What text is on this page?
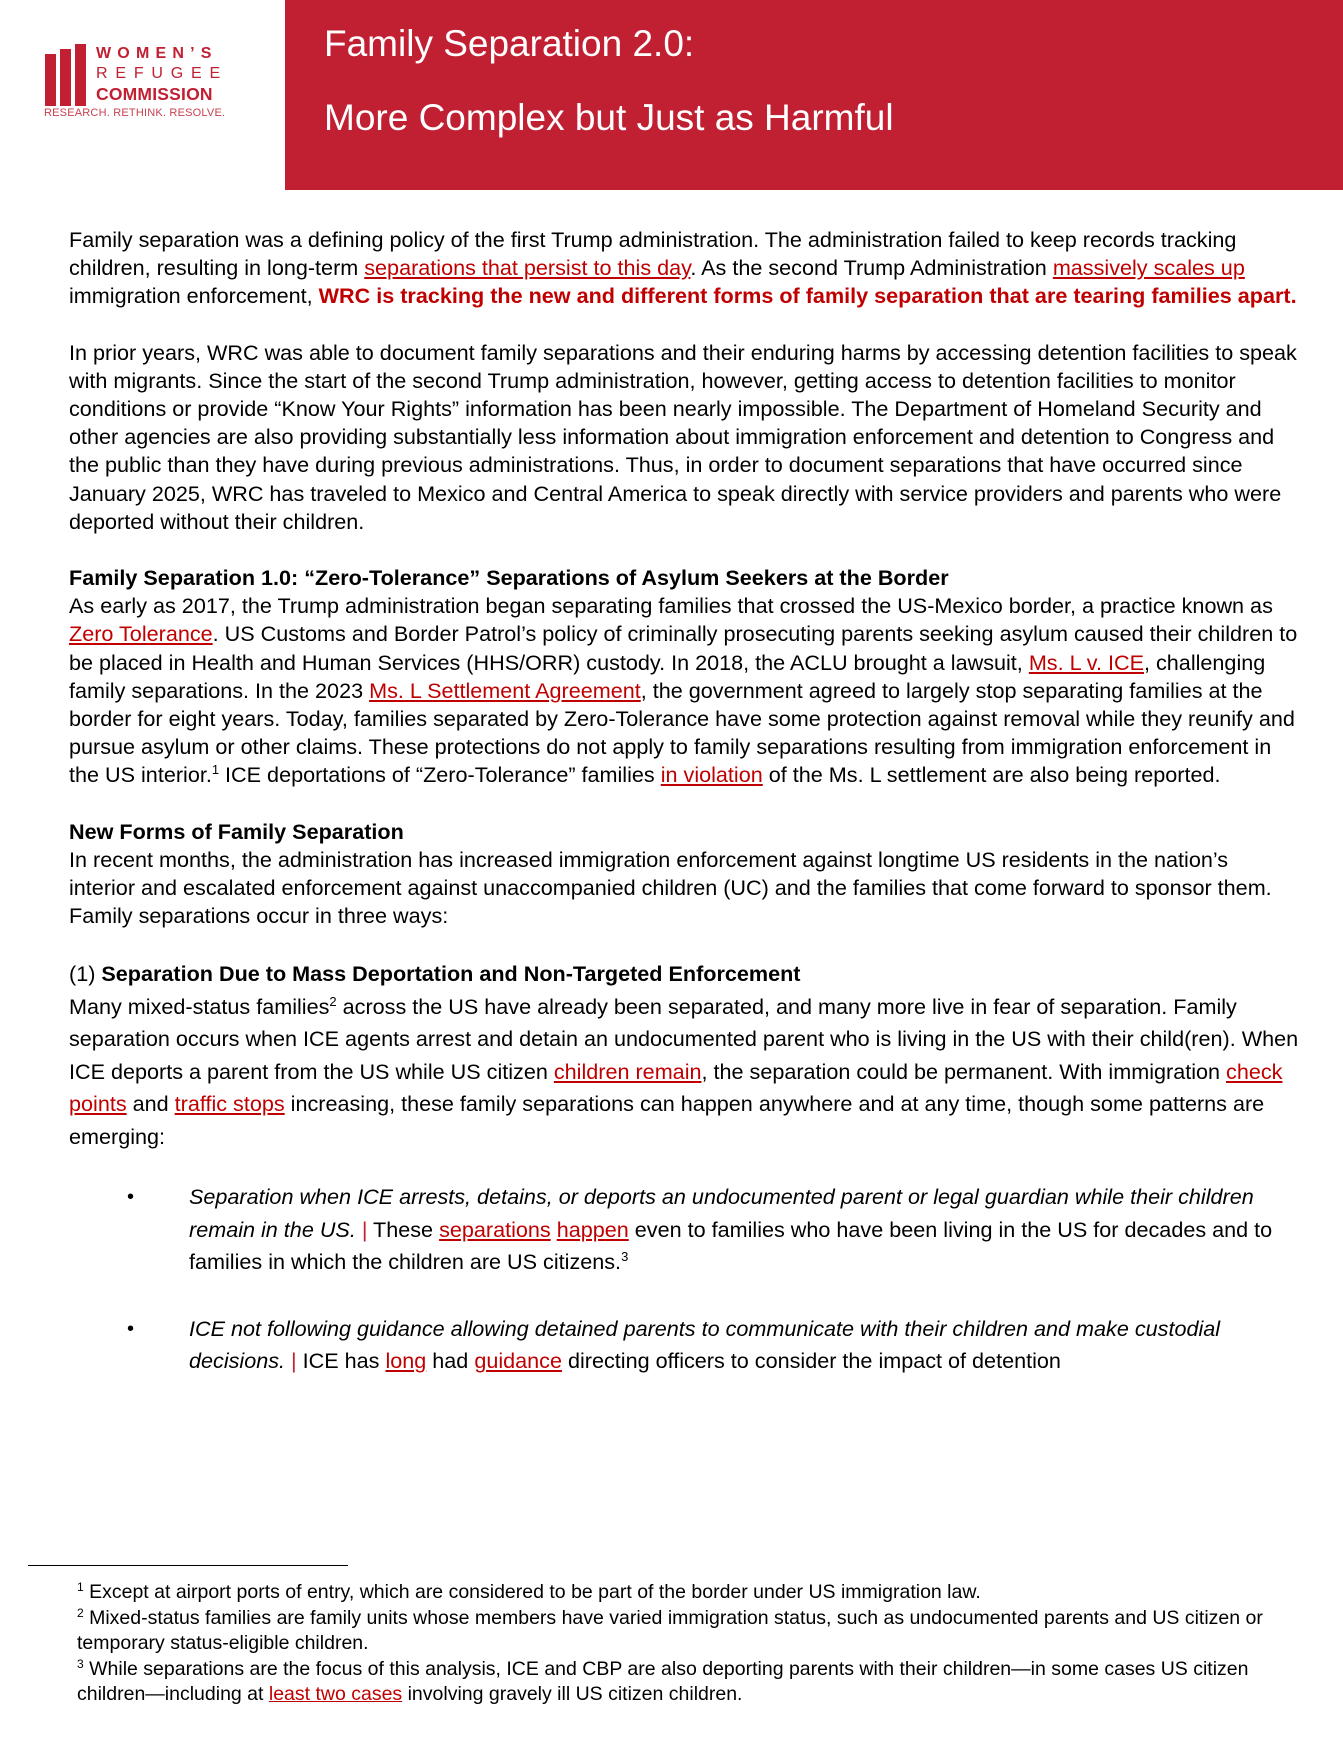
WOMEN’S
REFUGEE
COMMISSION
RESEARCH. RETHINK. RESOLVE.
Family Separation 2.0:
More Complex but Just as Harmful

Family separation was a defining policy of the first Trump administration. The administration failed to keep records tracking children, resulting in long-term separations that persist to this day. As the second Trump Administration massively scales up immigration enforcement, WRC is tracking the new and different forms of family separation that are tearing families apart.

In prior years, WRC was able to document family separations and their enduring harms by accessing detention facilities to speak with migrants. Since the start of the second Trump administration, however, getting access to detention facilities to monitor conditions or provide “Know Your Rights” information has been nearly impossible. The Department of Homeland Security and other agencies are also providing substantially less information about immigration enforcement and detention to Congress and the public than they have during previous administrations. Thus, in order to document separations that have occurred since January 2025, WRC has traveled to Mexico and Central America to speak directly with service providers and parents who were deported without their children.

Family Separation 1.0: “Zero-Tolerance” Separations of Asylum Seekers at the Border

As early as 2017, the Trump administration began separating families that crossed the US-Mexico border, a practice known as Zero Tolerance. US Customs and Border Patrol’s policy of criminally prosecuting parents seeking asylum caused their children to be placed in Health and Human Services (HHS/ORR) custody. In 2018, the ACLU brought a lawsuit, Ms. L v. ICE, challenging family separations. In the 2023 Ms. L Settlement Agreement, the government agreed to largely stop separating families at the border for eight years. Today, families separated by Zero-Tolerance have some protection against removal while they reunify and pursue asylum or other claims. These protections do not apply to family separations resulting from immigration enforcement in the US interior.$^1$ ICE deportations of “Zero-Tolerance” families in violation of the Ms. L settlement are also being reported.

New Forms of Family Separation

In recent months, the administration has increased immigration enforcement against longtime US residents in the nation’s interior and escalated enforcement against unaccompanied children (UC) and the families that come forward to sponsor them. Family separations occur in three ways:

(1) Separation Due to Mass Deportation and Non-Targeted Enforcement

Many mixed-status families$^2$ across the US have already been separated, and many more live in fear of separation. Family separation occurs when ICE agents arrest and detain an undocumented parent who is living in the US with their child(ren). When ICE deports a parent from the US while US citizen children remain, the separation could be permanent. With immigration check points and traffic stops increasing, these family separations can happen anywhere and at any time, though some patterns are emerging:

•	Separation when ICE arrests, detains, or deports an undocumented parent or legal guardian while their children remain in the US. | These separations happen even to families who have been living in the US for decades and to families in which the children are US citizens.$^3$
•	ICE not following guidance allowing detained parents to communicate with their children and make custodial decisions. | ICE has long had guidance directing officers to consider the impact of detention
$^1$ Except at airport ports of entry, which are considered to be part of the border under US immigration law.
$^2$ Mixed-status families are family units whose members have varied immigration status, such as undocumented parents and US citizen or temporary status-eligible children.
$^3$ While separations are the focus of this analysis, ICE and CBP are also deporting parents with their children—in some cases US citizen children—including at least two cases involving gravely ill US citizen children.
